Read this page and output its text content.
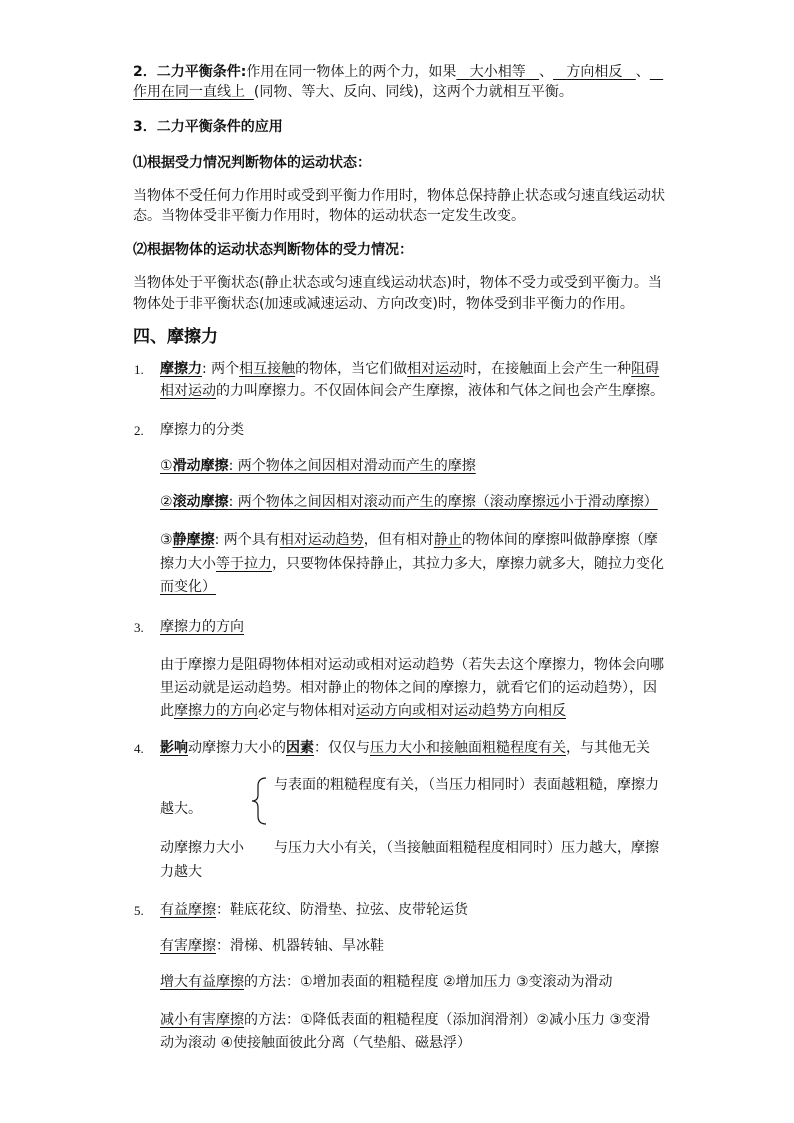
2．二力平衡条件:作用在同一物体上的两个力，如果 大小相等 、 方向相反 、
作用在同一直线上 (同物、等大、反向、同线)，这两个力就相互平衡。
3．二力平衡条件的应用
⑴根据受力情况判断物体的运动状态：
当物体不受任何力作用时或受到平衡力作用时，物体总保持静止状态或匀速直线运动状
态。当物体受非平衡力作用时，物体的运动状态一定发生改变。
⑵根据物体的运动状态判断物体的受力情况：
当物体处于平衡状态(静止状态或匀速直线运动状态)时，物体不受力或受到平衡力。当
物体处于非平衡状态(加速或减速运动、方向改变)时，物体受到非平衡力的作用。
四、摩擦力
1. 摩擦力: 两个相互接触的物体，当它们做相对运动时，在接触面上会产生一种阻碍
相对运动的力叫摩擦力。不仅固体间会产生摩擦，液体和气体之间也会产生摩擦。
2. 摩擦力的分类
①滑动摩擦: 两个物体之间因相对滑动而产生的摩擦
②滚动摩擦: 两个物体之间因相对滚动而产生的摩擦（滚动摩擦远小于滑动摩擦）
③静摩擦: 两个具有相对运动趋势，但有相对静止的物体间的摩擦叫做静摩擦（摩
擦力大小等于拉力，只要物体保持静止，其拉力多大，摩擦力就多大，随拉力变化
而变化）
3. 摩擦力的方向
由于摩擦力是阻碍物体相对运动或相对运动趋势（若失去这个摩擦力，物体会向哪
里运动就是运动趋势。相对静止的物体之间的摩擦力，就看它们的运动趋势），因
此摩擦力的方向必定与物体相对运动方向或相对运动趋势方向相反
4. 影响动摩擦力大小的因素：仅仅与压力大小和接触面粗糙程度有关，与其他无关
与表面的粗糙程度有关，（当压力相同时）表面越粗糙，摩擦力
越大。
动摩擦力大小 与压力大小有关，（当接触面粗糙程度相同时）压力越大，摩擦
力越大
5. 有益摩擦：鞋底花纹、防滑垫、拉弦、皮带轮运货
有害摩擦：滑梯、机器转轴、旱冰鞋
增大有益摩擦的方法：①增加表面的粗糙程度 ②增加压力 ③变滚动为滑动
减小有害摩擦的方法：①降低表面的粗糙程度（添加润滑剂）②减小压力 ③变滑
动为滚动 ④使接触面彼此分离（气垫船、磁悬浮）
